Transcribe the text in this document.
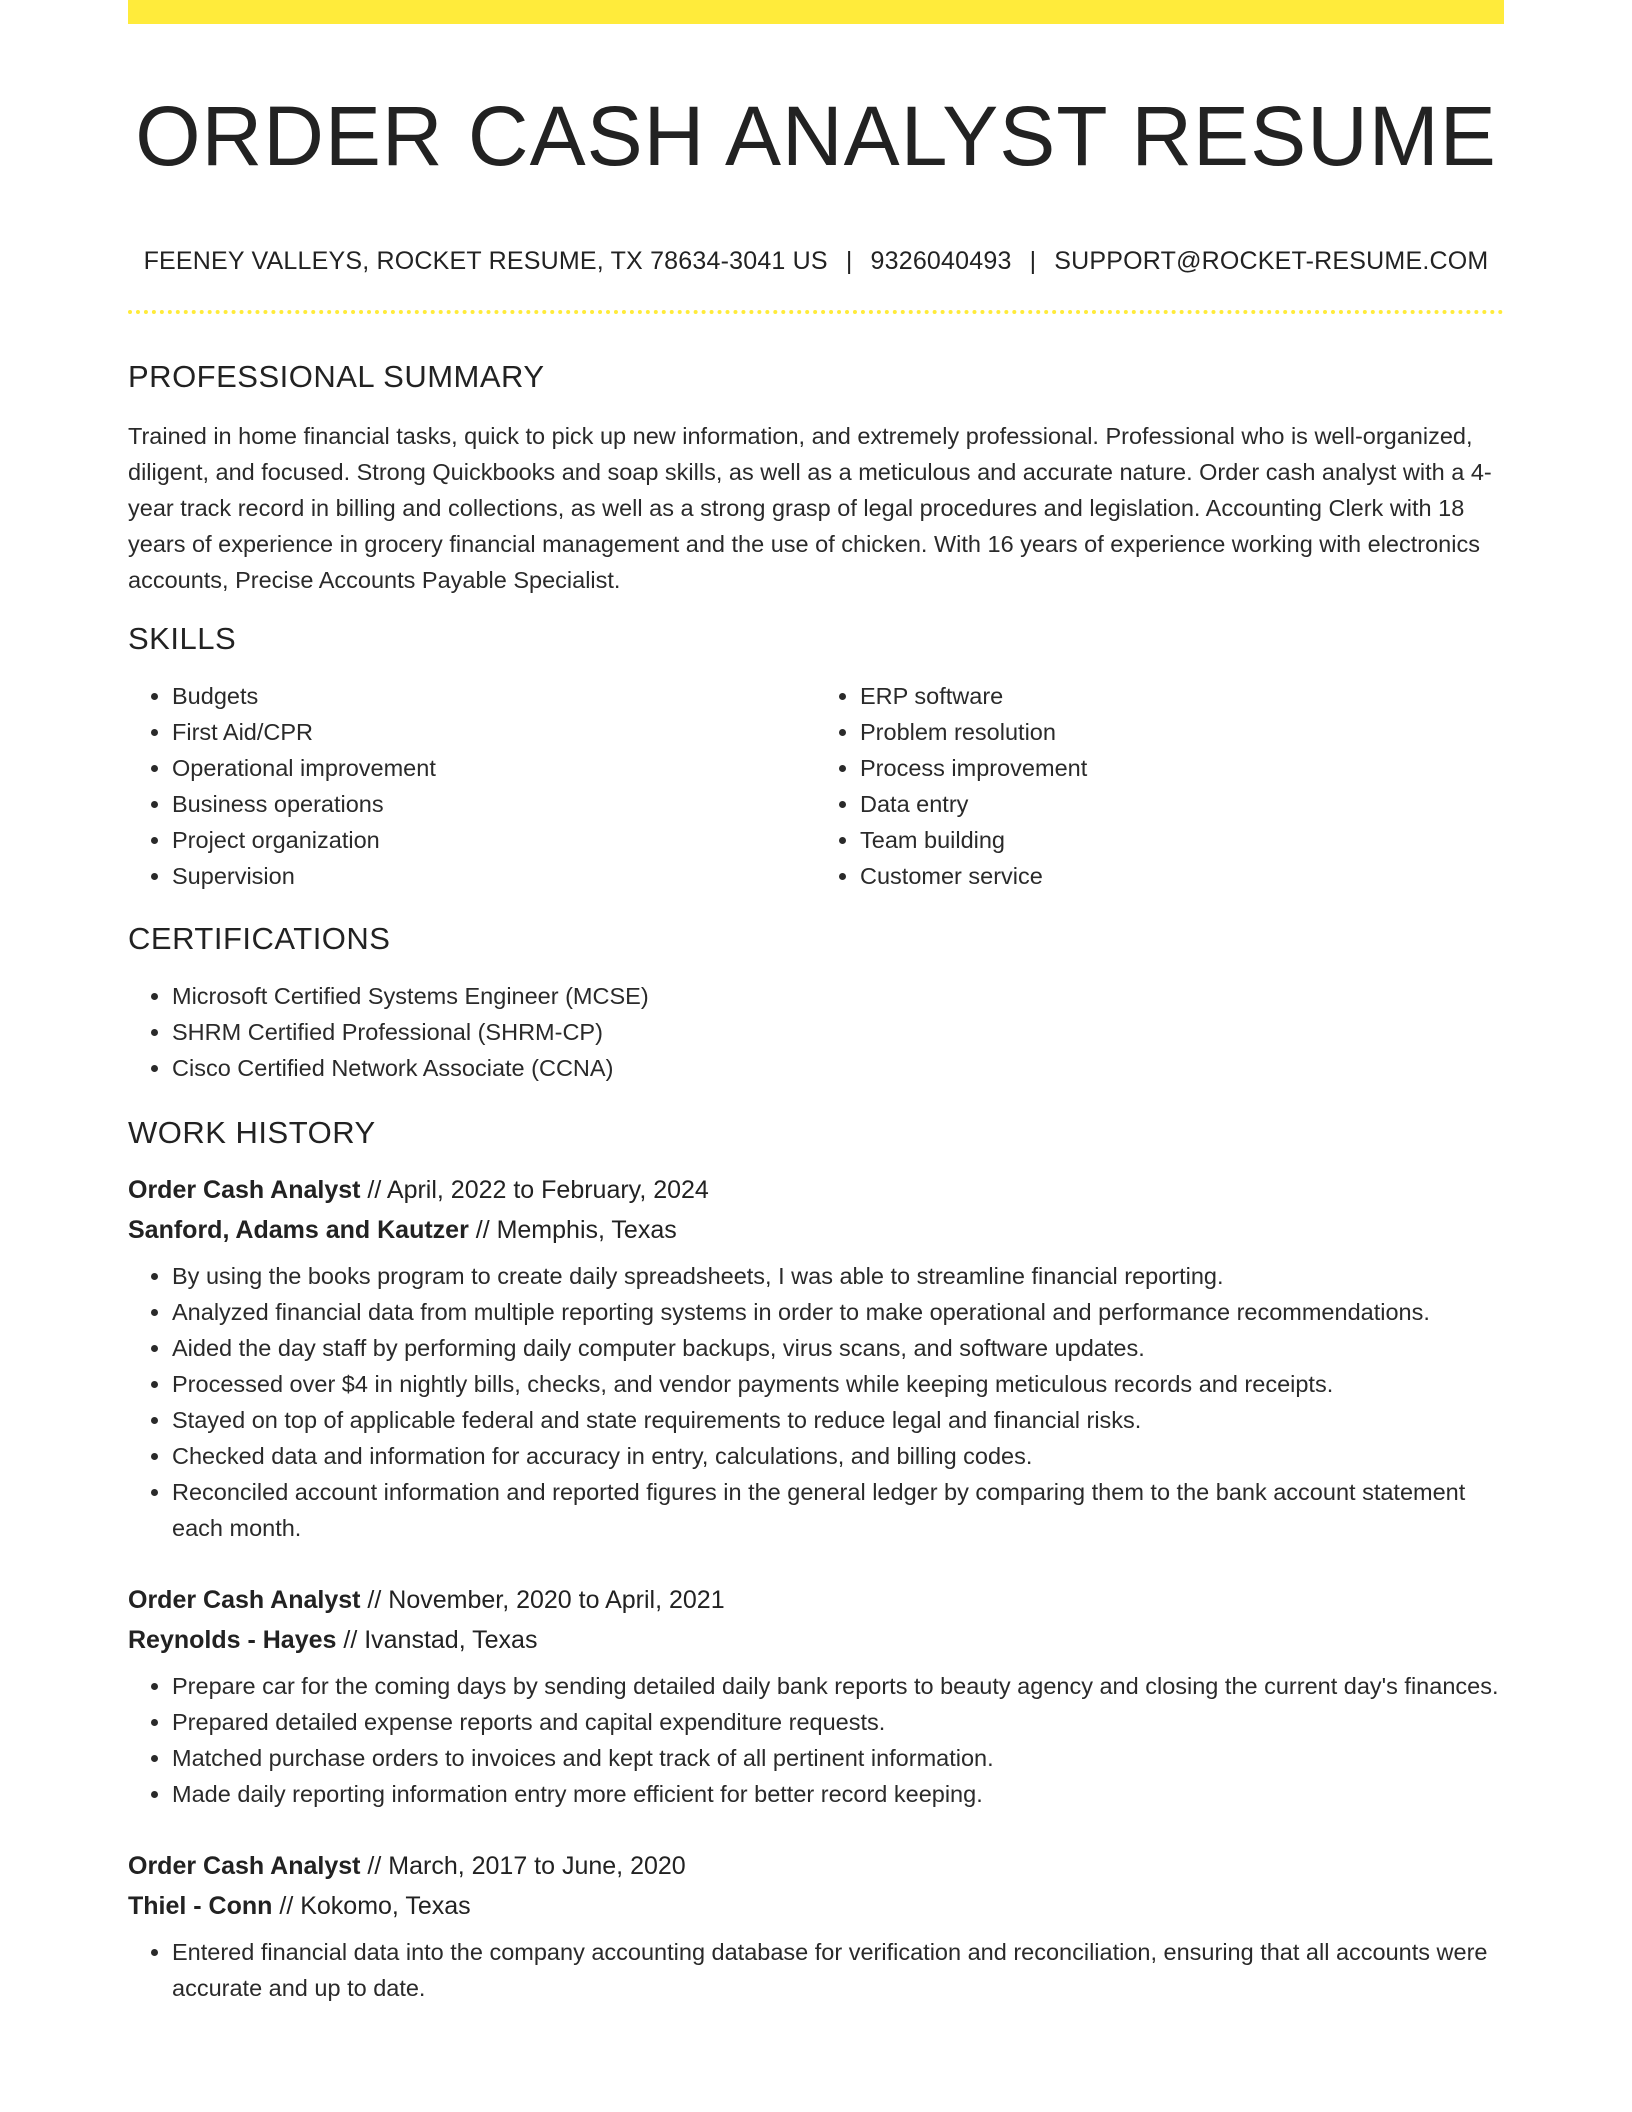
ORDER CASH ANALYST RESUME
FEENEY VALLEYS, ROCKET RESUME, TX 78634-3041 US | 9326040493 | SUPPORT@ROCKET-RESUME.COM
PROFESSIONAL SUMMARY

Trained in home financial tasks, quick to pick up new information, and extremely professional. Professional who is well-organized, diligent, and focused. Strong Quickbooks and soap skills, as well as a meticulous and accurate nature. Order cash analyst with a 4-year track record in billing and collections, as well as a strong grasp of legal procedures and legislation. Accounting Clerk with 18 years of experience in grocery financial management and the use of chicken. With 16 years of experience working with electronics accounts, Precise Accounts Payable Specialist.

SKILLS
• Budgets
• First Aid/CPR
• Operational improvement
• Business operations
• Project organization
• Supervision
• ERP software
• Problem resolution
• Process improvement
• Data entry
• Team building
• Customer service
CERTIFICATIONS
• Microsoft Certified Systems Engineer (MCSE)
• SHRM Certified Professional (SHRM-CP)
• Cisco Certified Network Associate (CCNA)
WORK HISTORY
Order Cash Analyst // April, 2022 to February, 2024
Sanford, Adams and Kautzer // Memphis, Texas
• By using the books program to create daily spreadsheets, I was able to streamline financial reporting.
• Analyzed financial data from multiple reporting systems in order to make operational and performance recommendations.
• Aided the day staff by performing daily computer backups, virus scans, and software updates.
• Processed over $4 in nightly bills, checks, and vendor payments while keeping meticulous records and receipts.
• Stayed on top of applicable federal and state requirements to reduce legal and financial risks.
• Checked data and information for accuracy in entry, calculations, and billing codes.
• Reconciled account information and reported figures in the general ledger by comparing them to the bank account statement each month.
Order Cash Analyst // November, 2020 to April, 2021
Reynolds - Hayes // Ivanstad, Texas
• Prepare car for the coming days by sending detailed daily bank reports to beauty agency and closing the current day's finances.
• Prepared detailed expense reports and capital expenditure requests.
• Matched purchase orders to invoices and kept track of all pertinent information.
• Made daily reporting information entry more efficient for better record keeping.
Order Cash Analyst // March, 2017 to June, 2020
Thiel - Conn // Kokomo, Texas
• Entered financial data into the company accounting database for verification and reconciliation, ensuring that all accounts were accurate and up to date.
